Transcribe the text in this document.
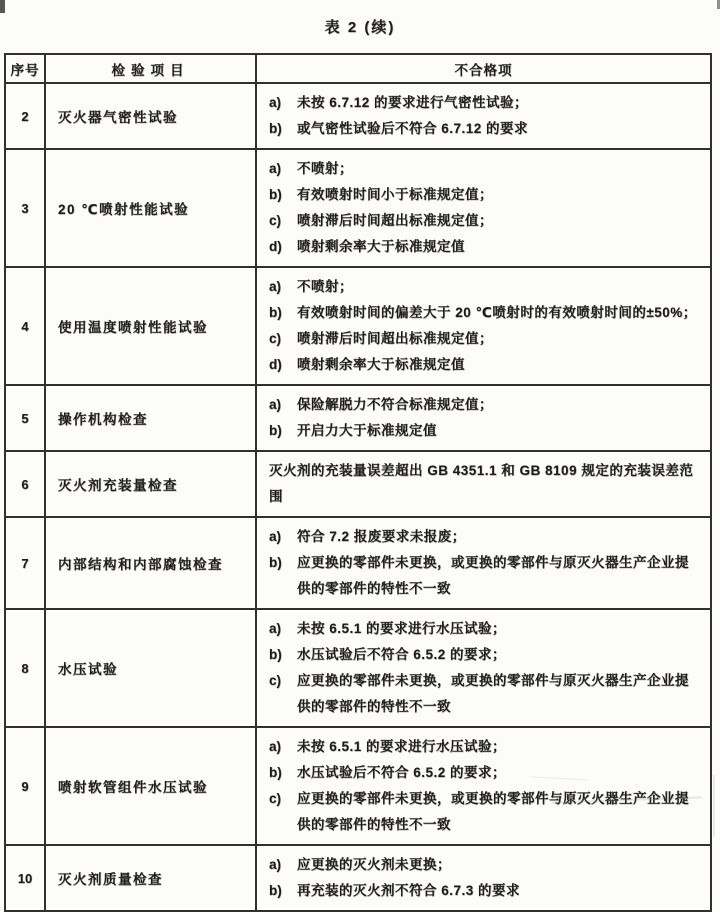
表 2 (续)
序号	检验项目	不合格项
2	灭火器气密性试验	a) 未按 6.7.12 的要求进行气密性试验；
b) 或气密性试验后不符合 6.7.12 的要求

3	20 ℃喷射性能试验	
a)	不喷射；
b)	有效喷射时间小于标准规定值；
c)	喷射滞后时间超出标准规定值；
d)	喷射剩余率大于标准规定值

4	使用温度喷射性能试验	
a)	不喷射；
b)	有效喷射时间的偏差大于 20 ℃喷射时的有效喷射时间的±50%；
c)	喷射滞后时间超出标准规定值；
d)	喷射剩余率大于标准规定值

5	操作机构检查	a) 保险解脱力不符合标准规定值；
b) 开启力大于标准规定值

6	灭火剂充装量检查	灭火剂的充装量误差超出 GB 4351.1 和 GB 8109 规定的充装误差范围

7	内部结构和内部腐蚀检查	a) 符合 7.2 报废要求未报废；
b) 应更换的零部件未更换，或更换的零部件与原灭火器生产企业提供的零部件的特性不一致

8	水压试验	
a)	未按 6.5.1 的要求进行水压试验；
b)	水压试验后不符合 6.5.2 的要求；
c)	应更换的零部件未更换，或更换的零部件与原灭火器生产企业提供的零部件的特性不一致

9	喷射软管组件水压试验	
a)	未按 6.5.1 的要求进行水压试验；
b)	水压试验后不符合 6.5.2 的要求；
c)	应更换的零部件未更换，或更换的零部件与原灭火器生产企业提供的零部件的特性不一致

10	灭火剂质量检查	a) 应更换的灭火剂未更换；
b) 再充装的灭火剂不符合 6.7.3 的要求
